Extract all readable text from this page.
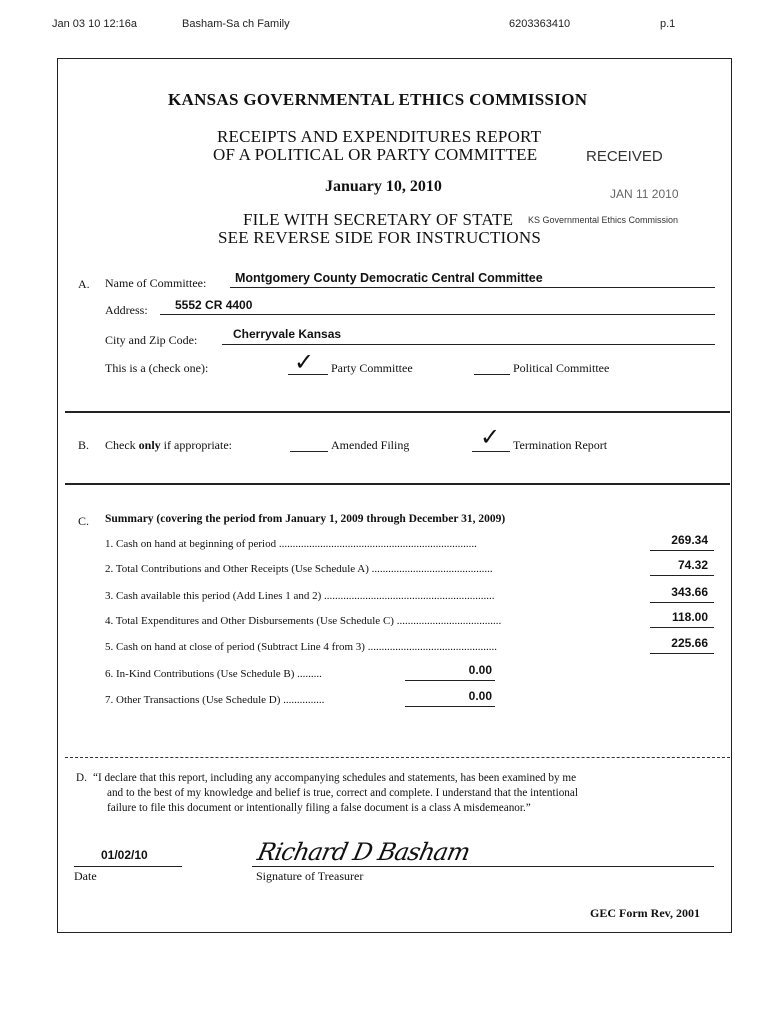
Jan 03 10 12:16a	Basham-Sa ch Family	6203363410	p.1
KANSAS GOVERNMENTAL ETHICS COMMISSION
RECEIPTS AND EXPENDITURES REPORT
OF A POLITICAL OR PARTY COMMITTEE
January 10, 2010
FILE WITH SECRETARY OF STATE
SEE REVERSE SIDE FOR INSTRUCTIONS
RECEIVED
JAN 11 2010
KS Governmental Ethics Commission
A. Name of Committee: Montgomery County Democratic Central Committee
Address: 5552 CR 4400
City and Zip Code:	Cherryvale Kansas
This is a (check one):	✓ Party Committee	Political Committee
B. Check only if appropriate:	Amended Filing	✓ Termination Report
C. Summary (covering the period from January 1, 2009 through December 31, 2009)
1. Cash on hand at beginning of period ........................................................................	269.34
2. Total Contributions and Other Receipts (Use Schedule A) ............................................	74.32
3. Cash available this period (Add Lines 1 and 2) ..............................................................	343.66
4. Total Expenditures and Other Disbursements (Use Schedule C) ......................................	118.00
5. Cash on hand at close of period (Subtract Line 4 from 3) ...............................................	225.66
6. In-Kind Contributions (Use Schedule B) .........	0.00
7. Other Transactions (Use Schedule D) ...............	0.00
D. “I declare that this report, including any accompanying schedules and statements, has been examined by me
and to the best of my knowledge and belief is true, correct and complete. I understand that the intentional
failure to file this document or intentionally filing a false document is a class A misdemeanor.”
01/02/10
Date
Richard D Basham
Signature of Treasurer
GEC Form Rev, 2001
